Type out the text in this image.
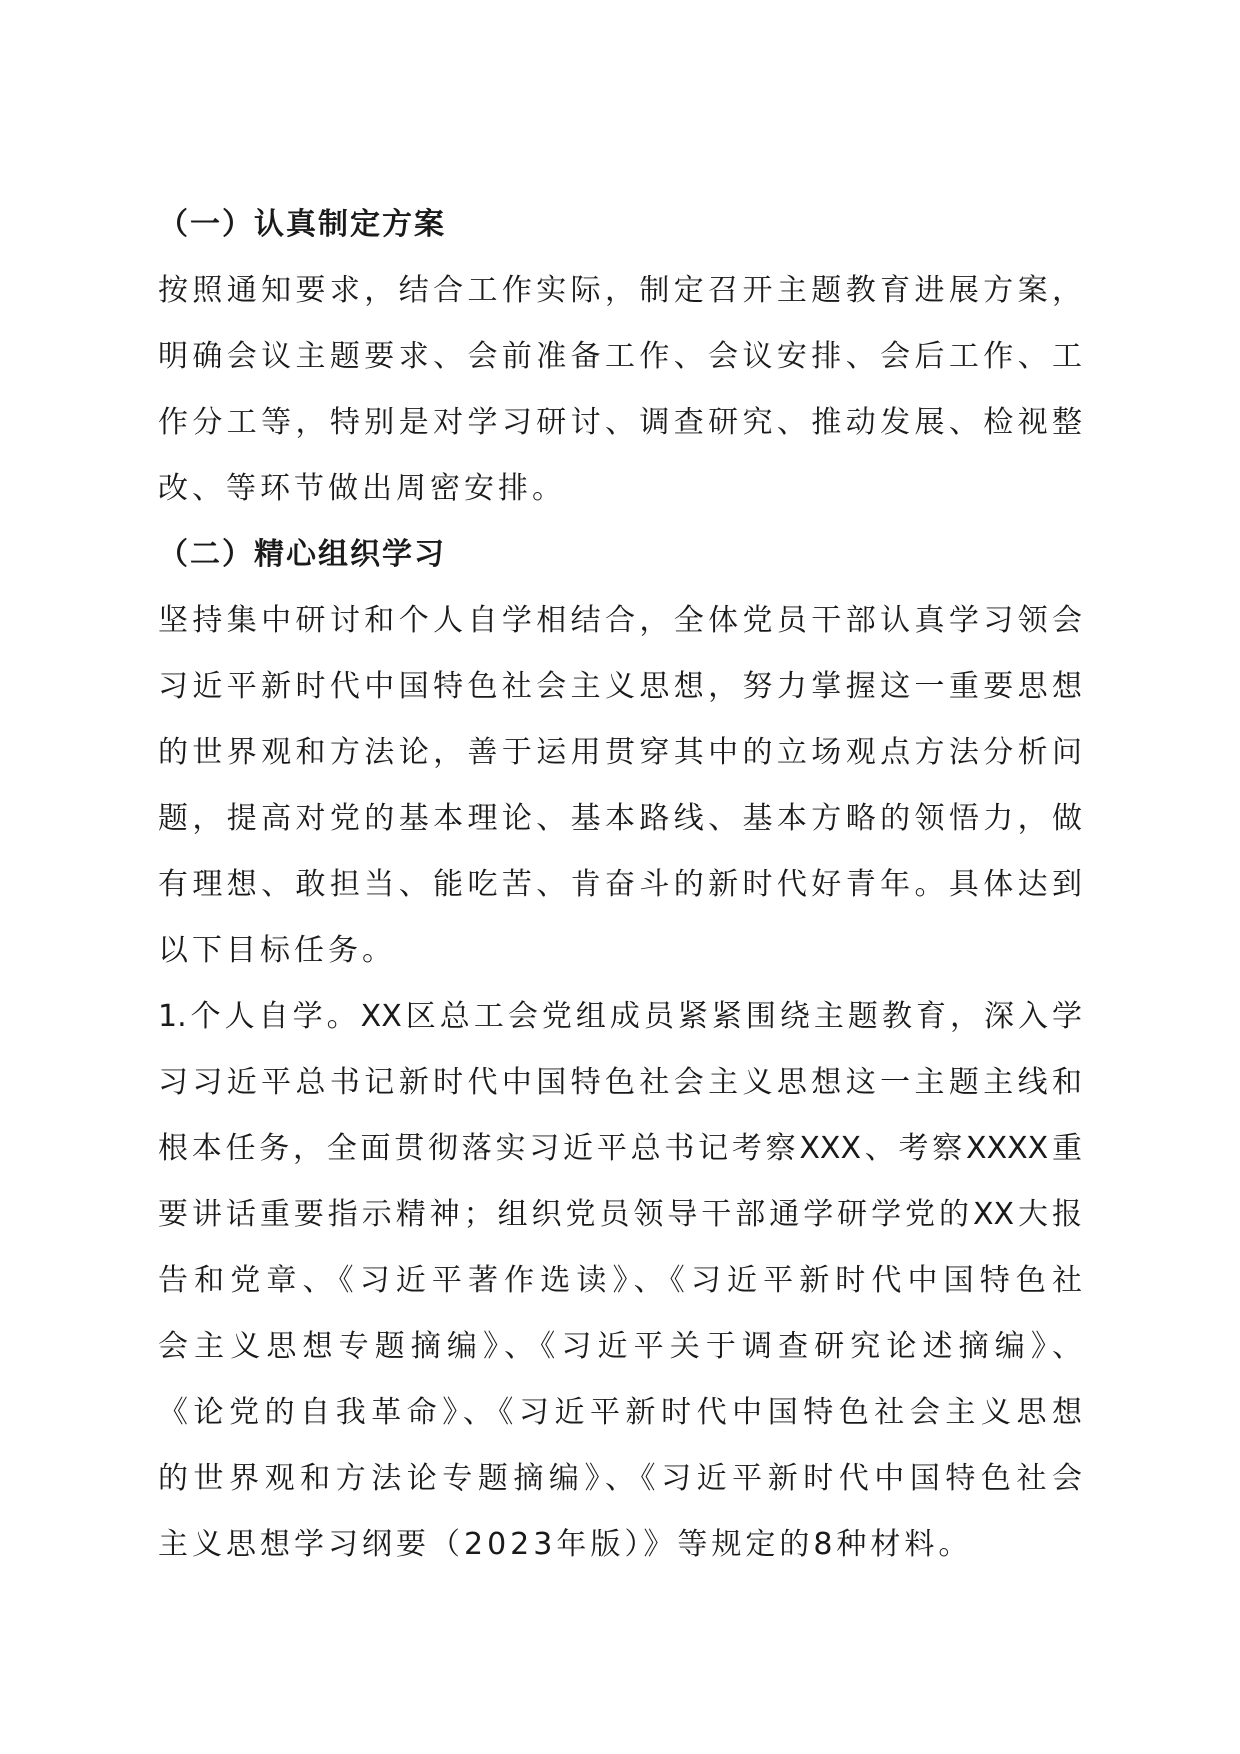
（一）认真制定方案
按照通知要求，结合工作实际，制定召开主题教育进展方案，
明确会议主题要求、会前准备工作、会议安排、会后工作、工
作分工等，特别是对学习研讨、调查研究、推动发展、检视整
改、等环节做出周密安排。
（二）精心组织学习
坚持集中研讨和个人自学相结合，全体党员干部认真学习领会
习近平新时代中国特色社会主义思想，努力掌握这一重要思想
的世界观和方法论，善于运用贯穿其中的立场观点方法分析问
题，提高对党的基本理论、基本路线、基本方略的领悟力，做
有理想、敢担当、能吃苦、肯奋斗的新时代好青年。具体达到
以下目标任务。
1.个人自学。XX区总工会党组成员紧紧围绕主题教育，深入学
习习近平总书记新时代中国特色社会主义思想这一主题主线和
根本任务，全面贯彻落实习近平总书记考察XXX、考察XXXX重
要讲话重要指示精神；组织党员领导干部通学研学党的XX大报
告和党章、《习近平著作选读》、《习近平新时代中国特色社
会主义思想专题摘编》、《习近平关于调查研究论述摘编》、
《论党的自我革命》、《习近平新时代中国特色社会主义思想
的世界观和方法论专题摘编》、《习近平新时代中国特色社会
主义思想学习纲要（2023年版）》等规定的8种材料。
